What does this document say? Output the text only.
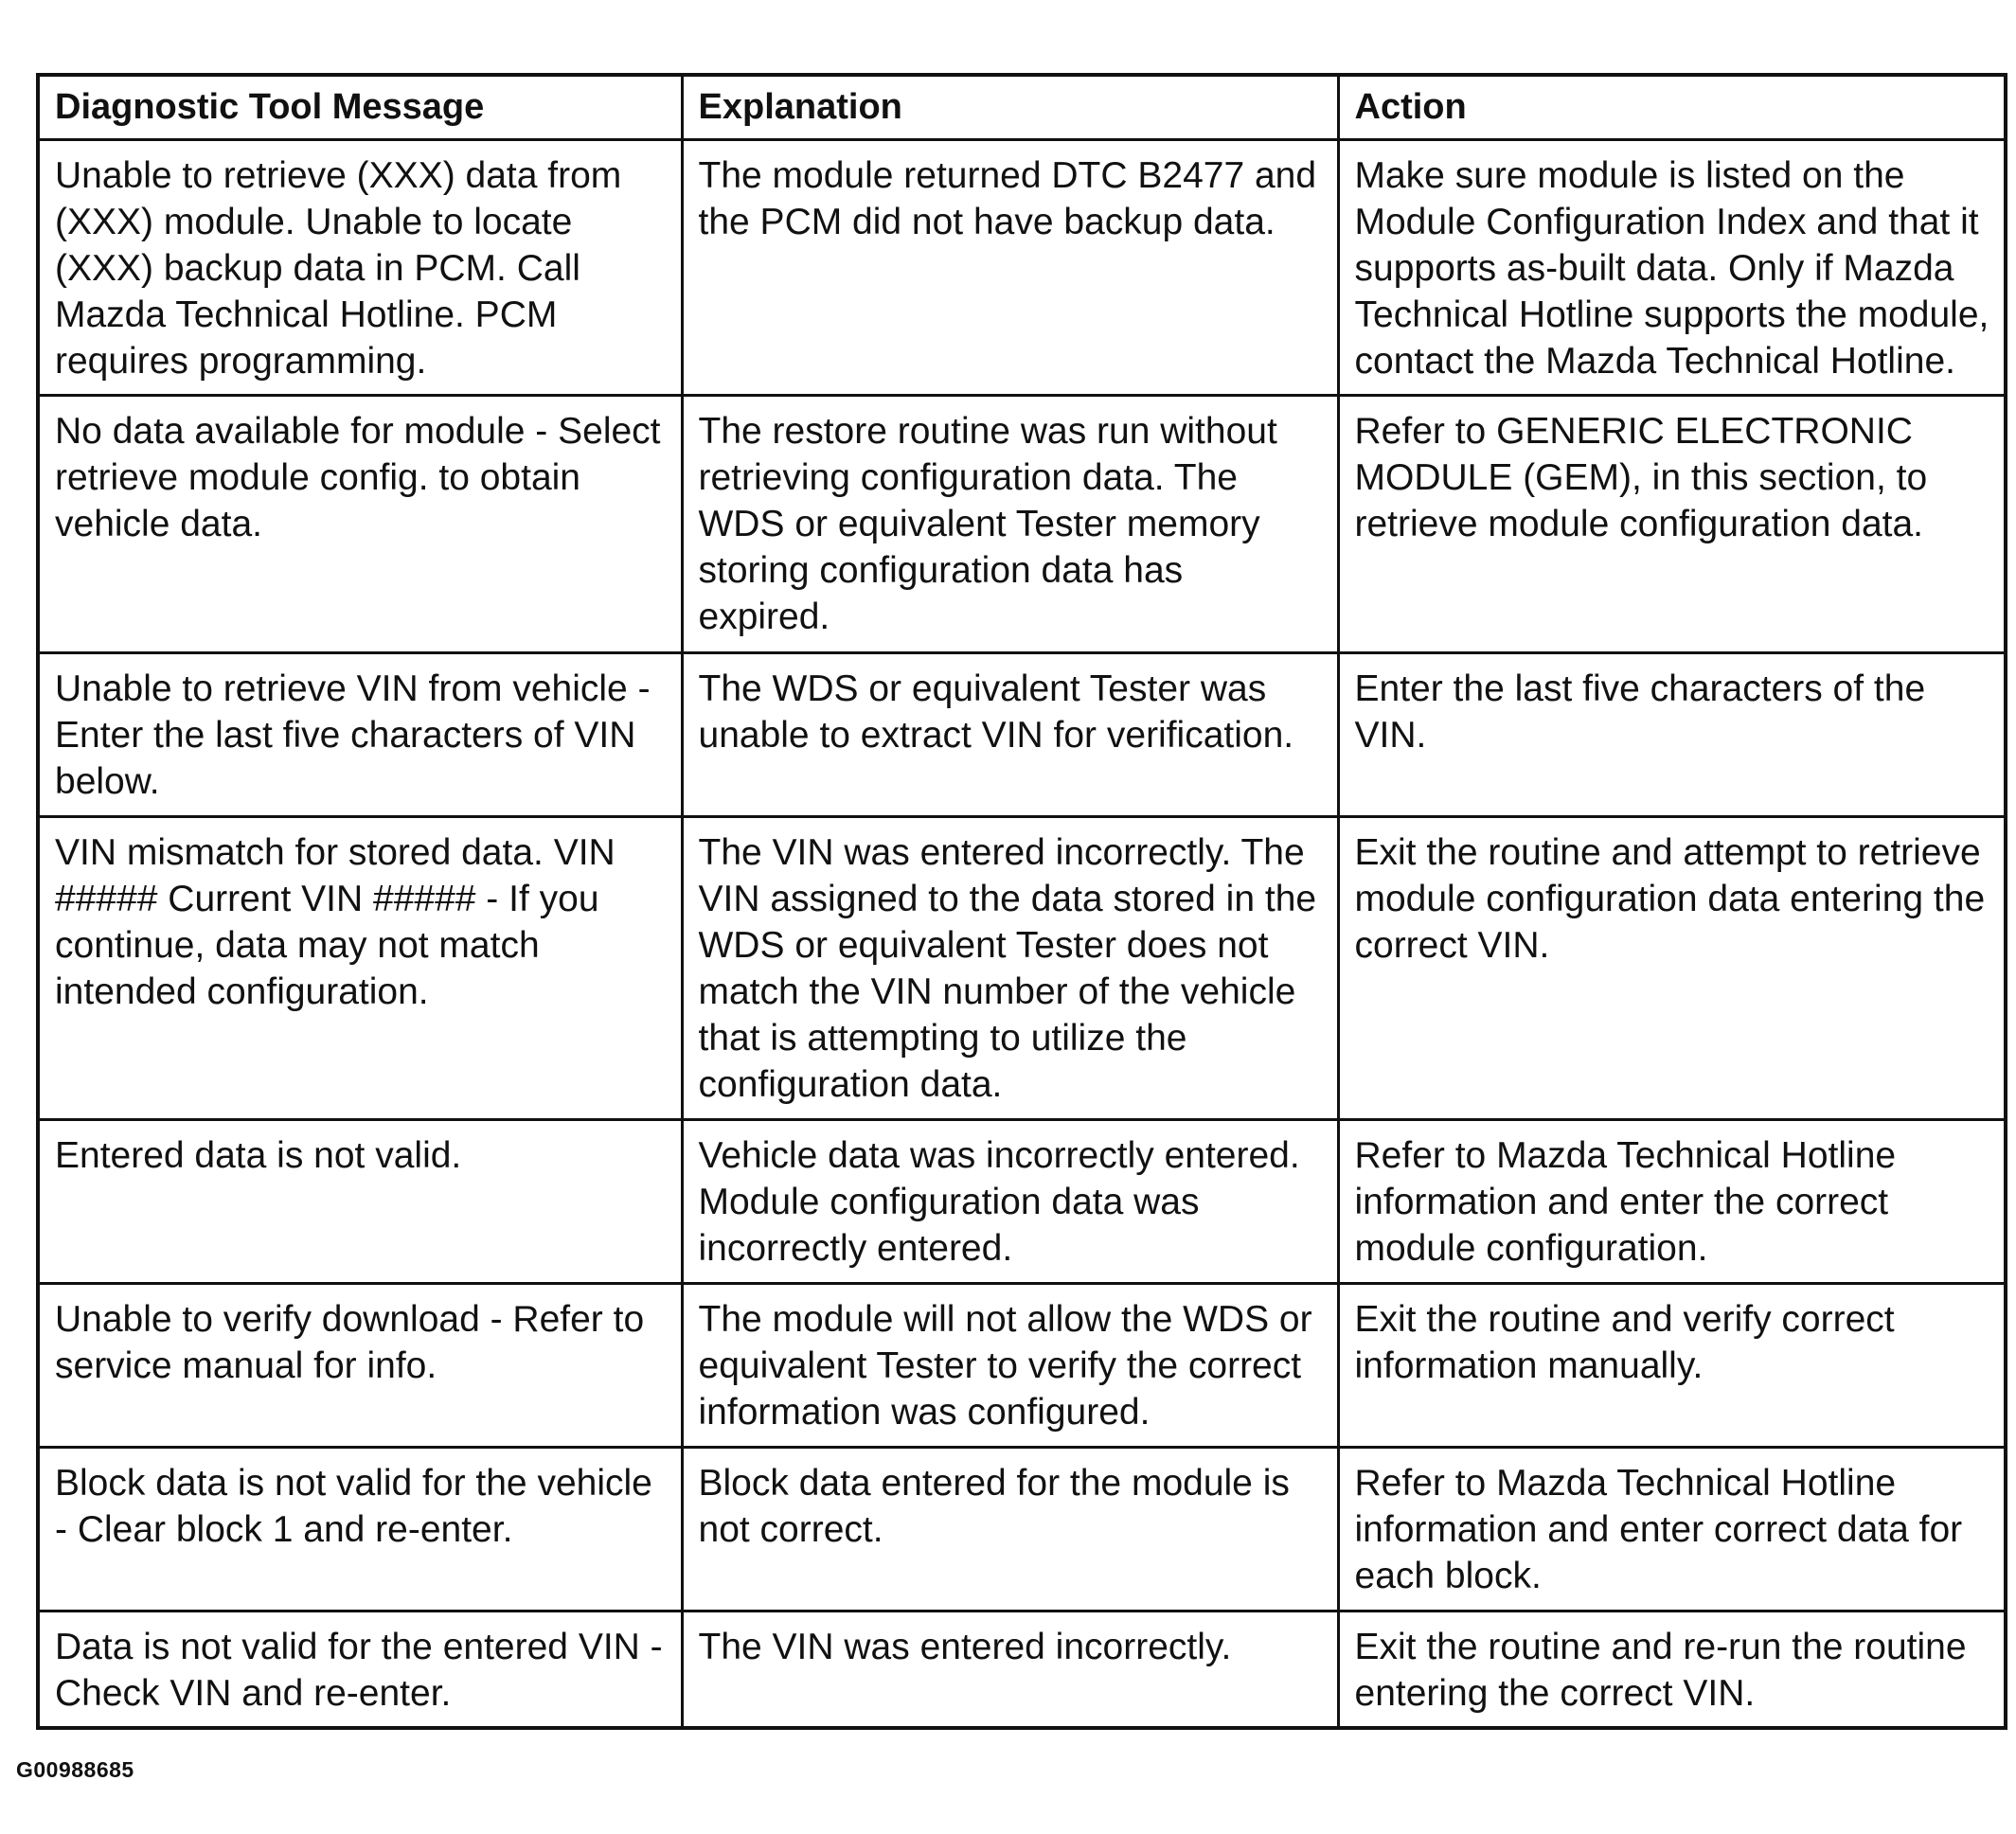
Diagnostic Tool Message	Explanation	Action
Unable to retrieve (XXX) data from (XXX) module. Unable to locate (XXX) backup data in PCM. Call Mazda Technical Hotline. PCM requires programming.	The module returned DTC B2477 and the PCM did not have backup data.	Make sure module is listed on the Module Configuration Index and that it supports as-built data. Only if Mazda Technical Hotline supports the module, contact the Mazda Technical Hotline.
No data available for module - Select retrieve module config. to obtain vehicle data.	The restore routine was run without retrieving configuration data. The WDS or equivalent Tester memory storing configuration data has expired.	Refer to GENERIC ELECTRONIC MODULE (GEM), in this section, to retrieve module configuration data.
Unable to retrieve VIN from vehicle - Enter the last five characters of VIN below.	The WDS or equivalent Tester was unable to extract VIN for verification.	Enter the last five characters of the VIN.
VIN mismatch for stored data. VIN ##### Current VIN ##### - If you continue, data may not match intended configuration.	The VIN was entered incorrectly. The VIN assigned to the data stored in the WDS or equivalent Tester does not match the VIN number of the vehicle that is attempting to utilize the configuration data.	Exit the routine and attempt to retrieve module configuration data entering the correct VIN.
Entered data is not valid.	Vehicle data was incorrectly entered. Module configuration data was incorrectly entered.	Refer to Mazda Technical Hotline information and enter the correct module configuration.
Unable to verify download - Refer to service manual for info.	The module will not allow the WDS or equivalent Tester to verify the correct information was configured.	Exit the routine and verify correct information manually.
Block data is not valid for the vehicle - Clear block 1 and re-enter.	Block data entered for the module is not correct.	Refer to Mazda Technical Hotline information and enter correct data for each block.
Data is not valid for the entered VIN - Check VIN and re-enter.	The VIN was entered incorrectly.	Exit the routine and re-run the routine entering the correct VIN.
G00988685
